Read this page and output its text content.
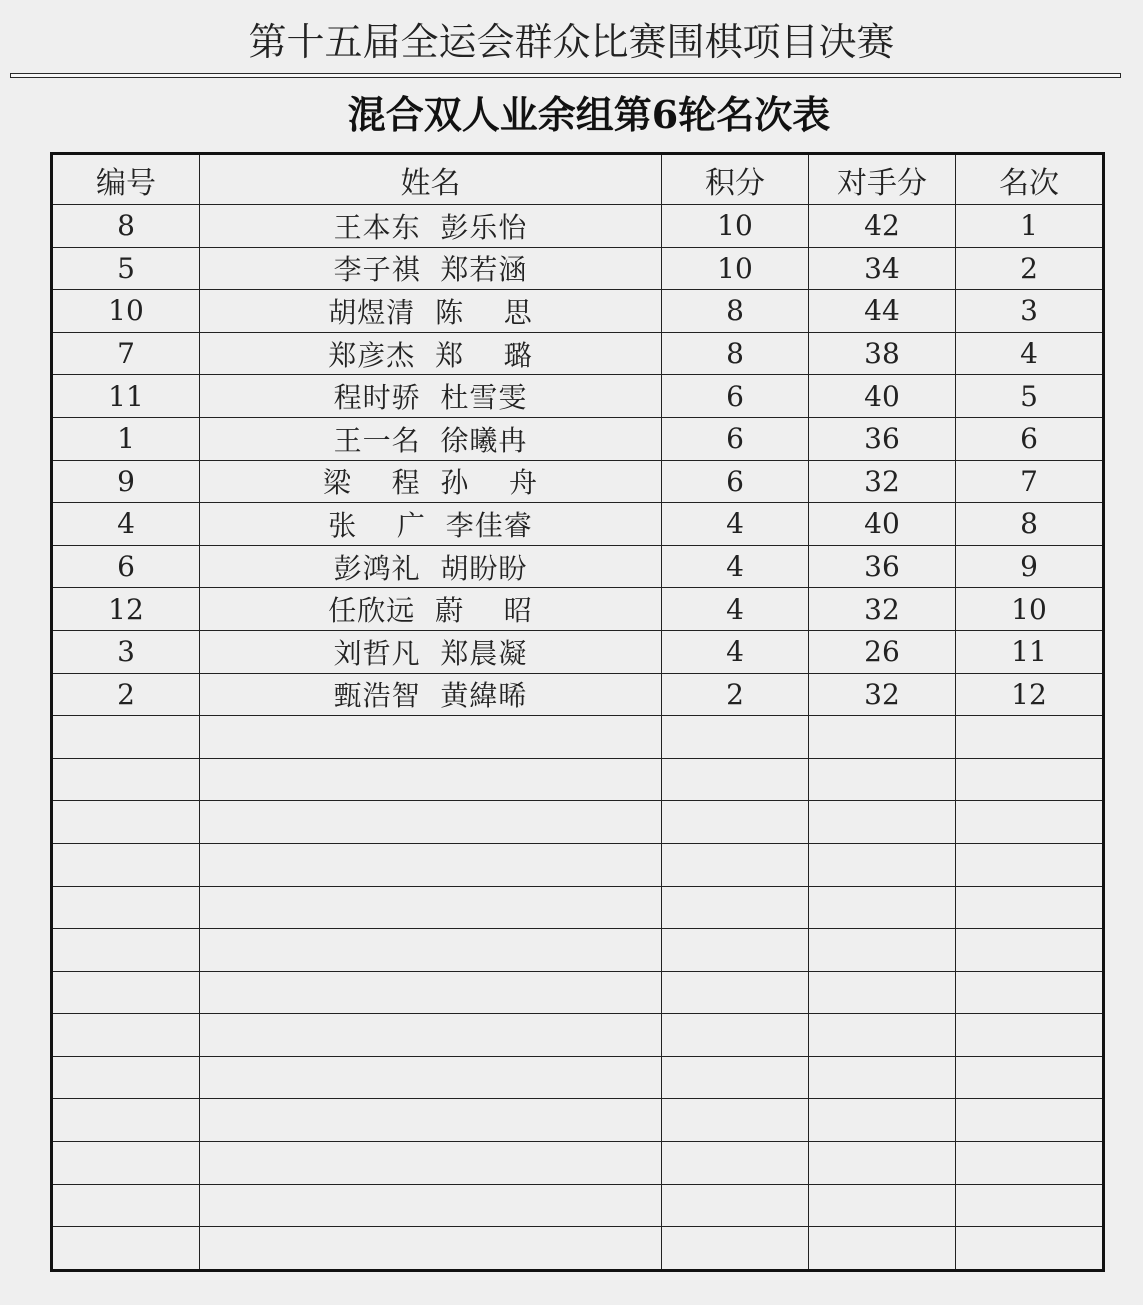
第十五届全运会群众比赛围棋项目决赛
混合双人业余组第6轮名次表
编号	姓名	积分	对手分	名次
8	王本东  彭乐怡	10	42	1
5	李子祺  郑若涵	10	34	2
10	胡煜清  陈    思	8	44	3
7	郑彦杰  郑    璐	8	38	4
11	程时骄  杜雪雯	6	40	5
1	王一名  徐曦冉	6	36	6
9	梁    程  孙    舟	6	32	7
4	张    广  李佳睿	4	40	8
6	彭鸿礼  胡盼盼	4	36	9
12	任欣远  蔚    昭	4	32	10
3	刘哲凡  郑晨凝	4	26	11
2	甄浩智  黄緯晞	2	32	12
